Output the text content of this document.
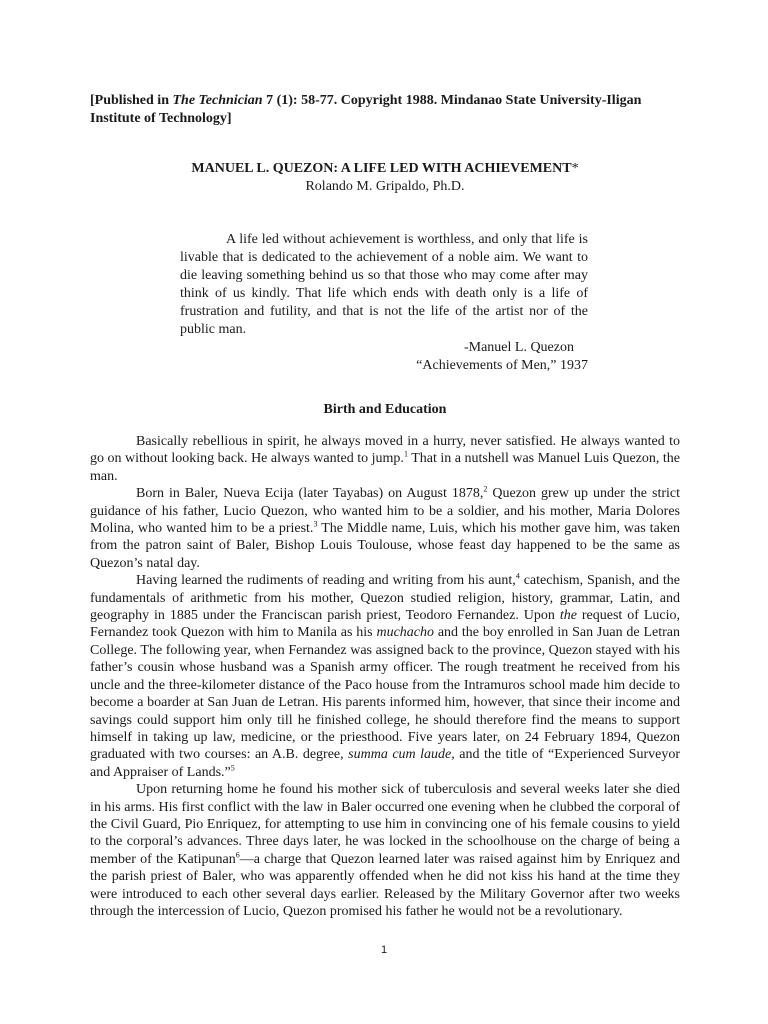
[Published in The Technician 7 (1): 58-77. Copyright 1988. Mindanao State University-Iligan Institute of Technology]
MANUEL L. QUEZON: A LIFE LED WITH ACHIEVEMENT*
Rolando M. Gripaldo, Ph.D.

A life led without achievement is worthless, and only that life is livable that is dedicated to the achievement of a noble aim. We want to die leaving something behind us so that those who may come after may think of us kindly. That life which ends with death only is a life of frustration and futility, and that is not the life of the artist nor of the public man.

-Manuel L. Quezon
“Achievements of Men,” 1937
Birth and Education

Basically rebellious in spirit, he always moved in a hurry, never satisfied. He always wanted to go on without looking back. He always wanted to jump.$^1$ That in a nutshell was Manuel Luis Quezon, the man.

Born in Baler, Nueva Ecija (later Tayabas) on August 1878,$^2$ Quezon grew up under the strict guidance of his father, Lucio Quezon, who wanted him to be a soldier, and his mother, Maria Dolores Molina, who wanted him to be a priest.$^3$ The Middle name, Luis, which his mother gave him, was taken from the patron saint of Baler, Bishop Louis Toulouse, whose feast day happened to be the same as Quezon’s natal day.

Having learned the rudiments of reading and writing from his aunt,$^4$ catechism, Spanish, and the fundamentals of arithmetic from his mother, Quezon studied religion, history, grammar, Latin, and geography in 1885 under the Franciscan parish priest, Teodoro Fernandez. Upon the request of Lucio, Fernandez took Quezon with him to Manila as his muchacho and the boy enrolled in San Juan de Letran College. The following year, when Fernandez was assigned back to the province, Quezon stayed with his father’s cousin whose husband was a Spanish army officer. The rough treatment he received from his uncle and the three-kilometer distance of the Paco house from the Intramuros school made him decide to become a boarder at San Juan de Letran. His parents informed him, however, that since their income and savings could support him only till he finished college, he should therefore find the means to support himself in taking up law, medicine, or the priesthood. Five years later, on 24 February 1894, Quezon graduated with two courses: an A.B. degree, summa cum laude, and the title of “Experienced Surveyor and Appraiser of Lands.”$^5$

Upon returning home he found his mother sick of tuberculosis and several weeks later she died in his arms. His first conflict with the law in Baler occurred one evening when he clubbed the corporal of the Civil Guard, Pio Enriquez, for attempting to use him in convincing one of his female cousins to yield to the corporal’s advances. Three days later, he was locked in the schoolhouse on the charge of being a member of the Katipunan$^6$—a charge that Quezon learned later was raised against him by Enriquez and the parish priest of Baler, who was apparently offended when he did not kiss his hand at the time they were introduced to each other several days earlier. Released by the Military Governor after two weeks through the intercession of Lucio, Quezon promised his father he would not be a revolutionary.

1
